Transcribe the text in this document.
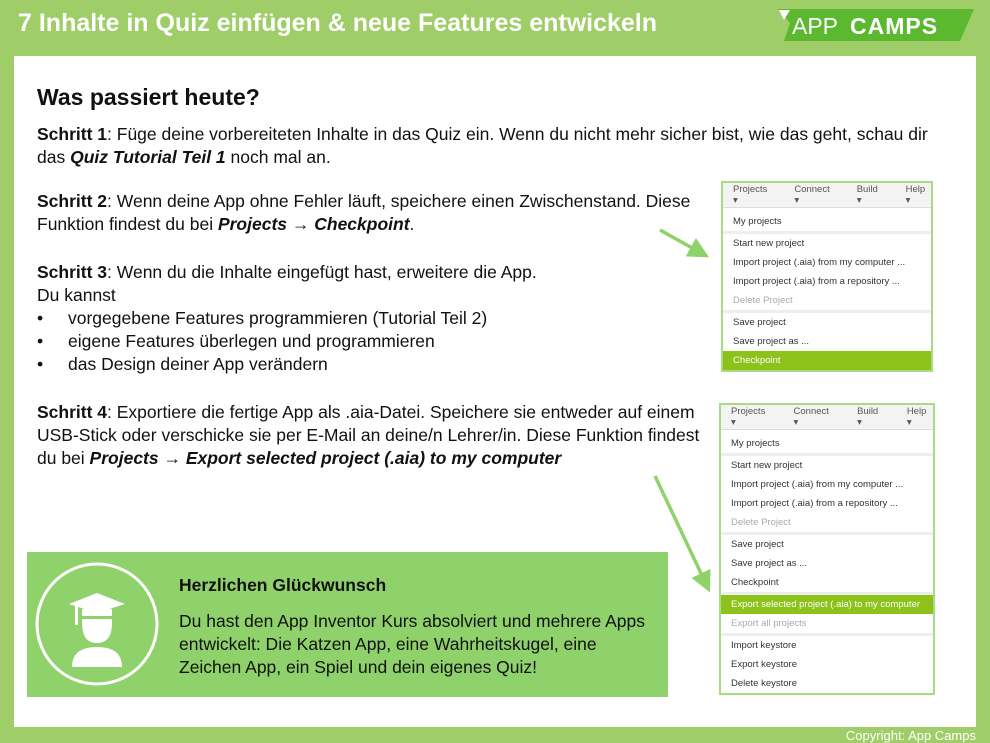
7 Inhalte in Quiz einfügen & neue Features entwickeln	APP CAMPS
Was passiert heute?
Schritt 1: Füge deine vorbereiteten Inhalte in das Quiz ein. Wenn du nicht mehr sicher bist, wie das geht, schau dir das Quiz Tutorial Teil 1 noch mal an.
Schritt 2: Wenn deine App ohne Fehler läuft, speichere einen Zwischenstand. Diese Funktion findest du bei Projects → Checkpoint.
Schritt 3: Wenn du die Inhalte eingefügt hast, erweitere die App.
Du kannst
• vorgegebene Features programmieren (Tutorial Teil 2)
• eigene Features überlegen und programmieren
• das Design deiner App verändern
Schritt 4: Exportiere die fertige App als .aia-Datei. Speichere sie entweder auf einem USB-Stick oder verschicke sie per E-Mail an deine/n Lehrer/in. Diese Funktion findest du bei Projects → Export selected project (.aia) to my computer
Projects ▾
Connect ▾
Build ▾
Help ▾
My projects
Start new project
Import project (.aia) from my computer ...
Import project (.aia) from a repository ...
Delete Project
Save project
Save project as ...
Checkpoint
Projects ▾
Connect ▾
Build ▾
Help ▾
My projects
Start new project
Import project (.aia) from my computer ...
Import project (.aia) from a repository ...
Delete Project
Save project
Save project as ...
Checkpoint
Export selected project (.aia) to my computer
Export all projects
Import keystore
Export keystore
Delete keystore
Herzlichen Glückwunsch
Du hast den App Inventor Kurs absolviert und mehrere Apps entwickelt: Die Katzen App, eine Wahrheitskugel, eine Zeichen App, ein Spiel und dein eigenes Quiz!
Copyright: App Camps
